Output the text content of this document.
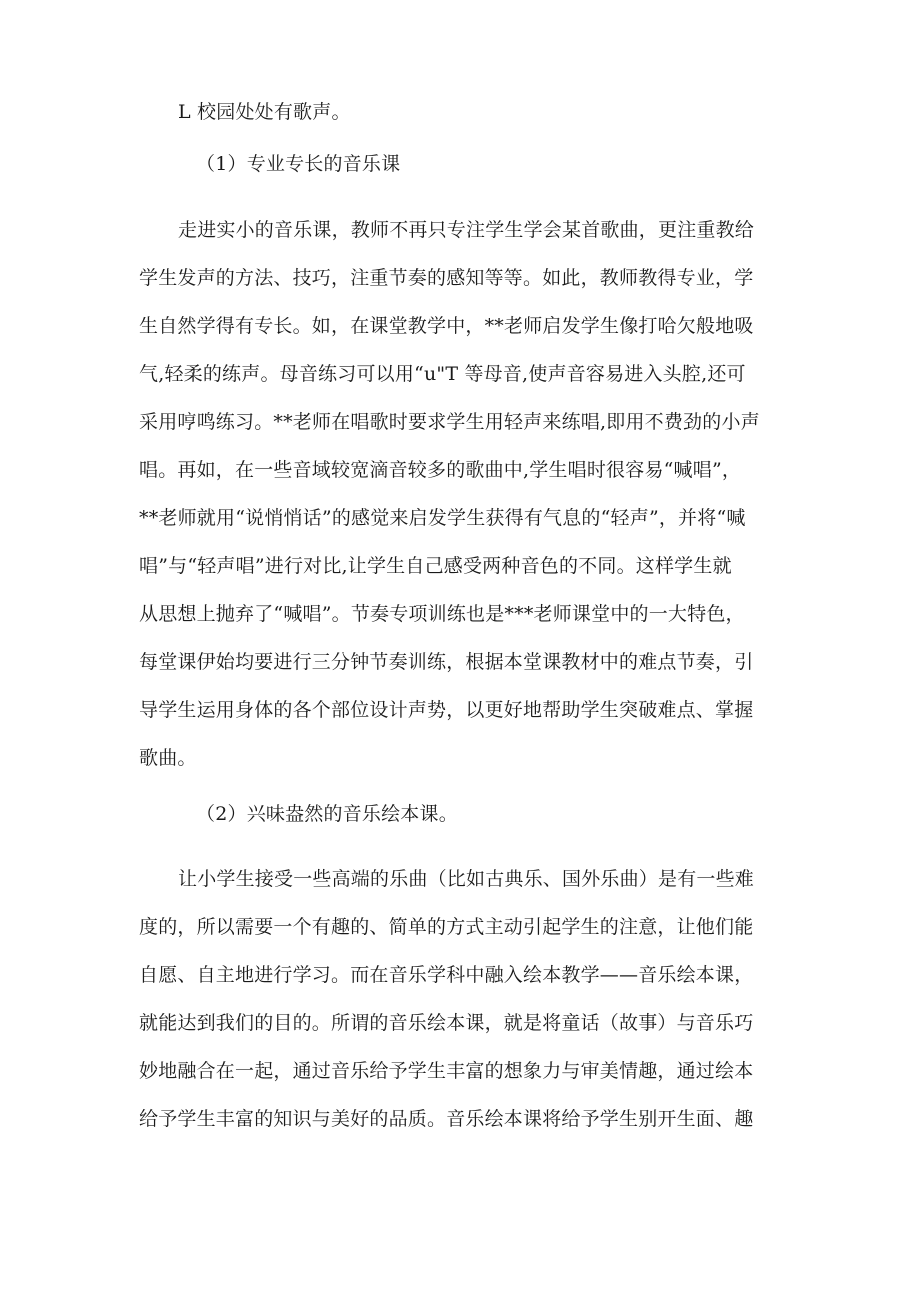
L 校园处处有歌声。
（1）专业专长的音乐课
走进实小的音乐课，教师不再只专注学生学会某首歌曲，更注重教给
学生发声的方法、技巧，注重节奏的感知等等。如此，教师教得专业，学
生自然学得有专长。如，在课堂教学中，**老师启发学生像打哈欠般地吸
气,轻柔的练声。母音练习可以用“u"T 等母音,使声音容易进入头腔,还可
采用哼鸣练习。**老师在唱歌时要求学生用轻声来练唱,即用不费劲的小声
唱。再如，在一些音域较宽滴音较多的歌曲中,学生唱时很容易“喊唱”，
**老师就用“说悄悄话”的感觉来启发学生获得有气息的“轻声”，并将“喊
唱”与“轻声唱”进行对比,让学生自己感受两种音色的不同。这样学生就
从思想上抛弃了“喊唱”。节奏专项训练也是***老师课堂中的一大特色，
每堂课伊始均要进行三分钟节奏训练，根据本堂课教材中的难点节奏，引
导学生运用身体的各个部位设计声势，以更好地帮助学生突破难点、掌握
歌曲。
（2）兴味盎然的音乐绘本课。
让小学生接受一些高端的乐曲（比如古典乐、国外乐曲）是有一些难
度的，所以需要一个有趣的、简单的方式主动引起学生的注意，让他们能
自愿、自主地进行学习。而在音乐学科中融入绘本教学——音乐绘本课，
就能达到我们的目的。所谓的音乐绘本课，就是将童话（故事）与音乐巧
妙地融合在一起，通过音乐给予学生丰富的想象力与审美情趣，通过绘本
给予学生丰富的知识与美好的品质。音乐绘本课将给予学生别开生面、趣
